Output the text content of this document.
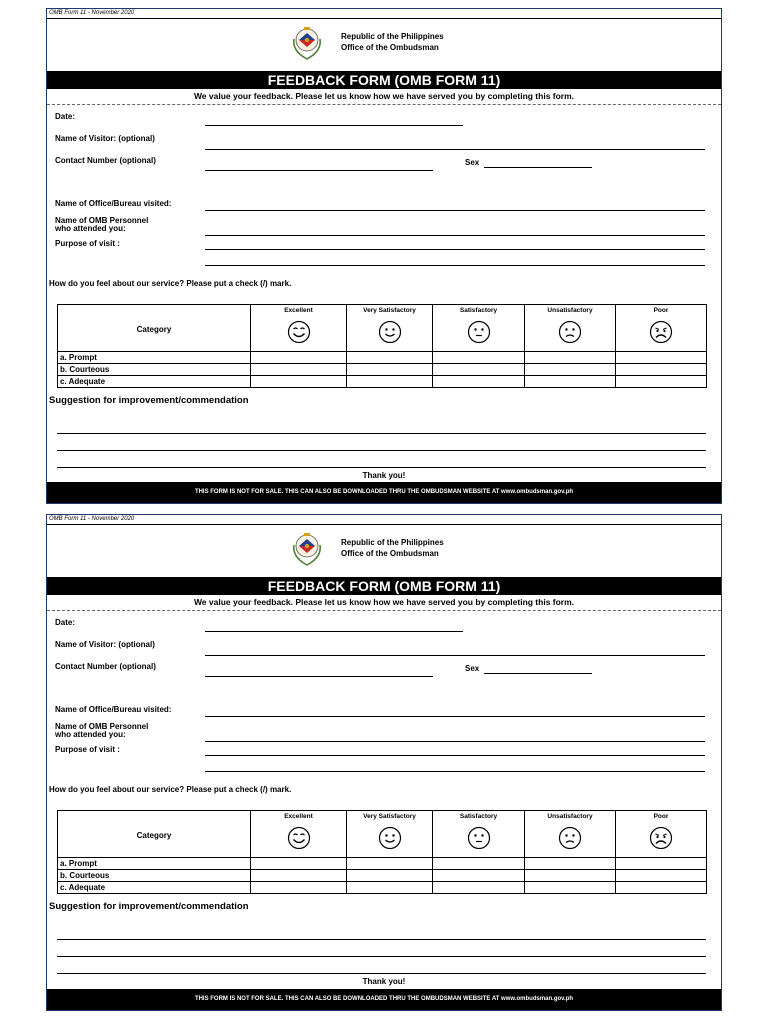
OMB Form 11 - November 2020
Republic of the Philippines
Office of the Ombudsman
FEEDBACK FORM (OMB FORM 11)
We value your feedback. Please let us know how we have served you by completing this form.
Date:
Name of Visitor: (optional)
Contact Number (optional)	Sex
Name of Office/Bureau visited:
Name of OMB Personnel
who attended you:
Purpose of visit :
How do you feel about our service? Please put a check (/) mark.
Category	Excellent	Very Satisfactory	Satisfactory	Unsatisfactory	Poor

a. Prompt					
b. Courteous					
c. Adequate					
Suggestion for improvement/commendation
Thank you!
THIS FORM IS NOT FOR SALE. THIS CAN ALSO BE DOWNLOADED THRU THE OMBUDSMAN WEBSITE AT www.ombudsman.gov.ph
OMB Form 11 - November 2020
Republic of the Philippines
Office of the Ombudsman
FEEDBACK FORM (OMB FORM 11)
We value your feedback. Please let us know how we have served you by completing this form.
Date:
Name of Visitor: (optional)
Contact Number (optional)	Sex
Name of Office/Bureau visited:
Name of OMB Personnel
who attended you:
Purpose of visit :
How do you feel about our service? Please put a check (/) mark.
Category	Excellent	Very Satisfactory	Satisfactory	Unsatisfactory	Poor

a. Prompt					
b. Courteous					
c. Adequate					
Suggestion for improvement/commendation
Thank you!
THIS FORM IS NOT FOR SALE. THIS CAN ALSO BE DOWNLOADED THRU THE OMBUDSMAN WEBSITE AT www.ombudsman.gov.ph
